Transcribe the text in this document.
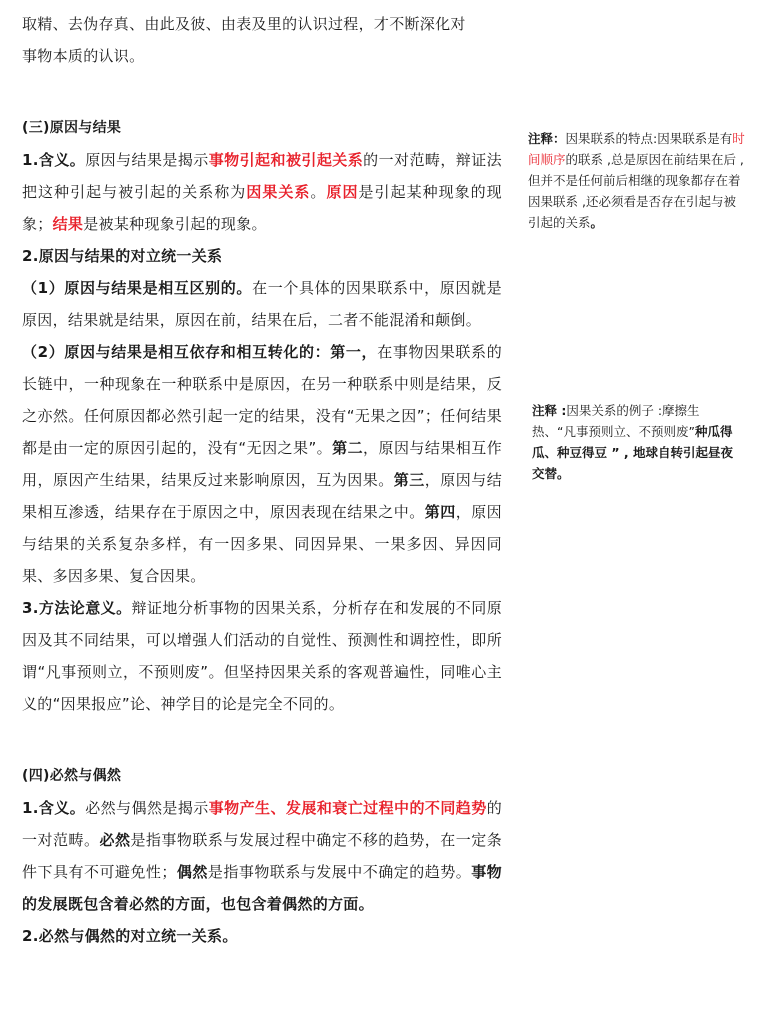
取精、去伪存真、由此及彼、由表及里的认识过程，才不断深化对
事物本质的认识。

(三)原因与结果

1.含义。原因与结果是揭示事物引起和被引起关系的一对范畴，辩证法把这种引起与被引起的关系称为因果关系。原因是引起某种现象的现象；结果是被某种现象引起的现象。

2.原因与结果的对立统一关系

（1）原因与结果是相互区别的。在一个具体的因果联系中，原因就是原因，结果就是结果，原因在前，结果在后，二者不能混淆和颠倒。

（2）原因与结果是相互依存和相互转化的：第一，在事物因果联系的长链中，一种现象在一种联系中是原因，在另一种联系中则是结果，反之亦然。任何原因都必然引起一定的结果，没有“无果之因”；任何结果都是由一定的原因引起的，没有“无因之果”。第二，原因与结果相互作用，原因产生结果，结果反过来影响原因，互为因果。第三，原因与结果相互渗透，结果存在于原因之中，原因表现在结果之中。第四，原因与结果的关系复杂多样，有一因多果、同因异果、一果多因、异因同果、多因多果、复合因果。

3.方法论意义。辩证地分析事物的因果关系，分析存在和发展的不同原因及其不同结果，可以增强人们活动的自觉性、预测性和调控性，即所谓“凡事预则立，不预则废”。但坚持因果关系的客观普遍性，同唯心主义的“因果报应”论、神学目的论是完全不同的。

(四)必然与偶然

1.含义。必然与偶然是揭示事物产生、发展和衰亡过程中的不同趋势的一对范畴。必然是指事物联系与发展过程中确定不移的趋势，在一定条件下具有不可避免性；偶然是指事物联系与发展中不确定的趋势。事物的发展既包含着必然的方面，也包含着偶然的方面。

2.必然与偶然的对立统一关系。

注释：因果联系的特点:因果联系是有时间顺序的联系 ,总是原因在前结果在后 ,但并不是任何前后相继的现象都存在着因果联系 ,还必须看是否存在引起与被引起的关系。
注释 :因果关系的例子 :摩擦生热、“凡事预则立、不预则废”种瓜得瓜、种豆得豆 ” , 地球自转引起昼夜交替。
